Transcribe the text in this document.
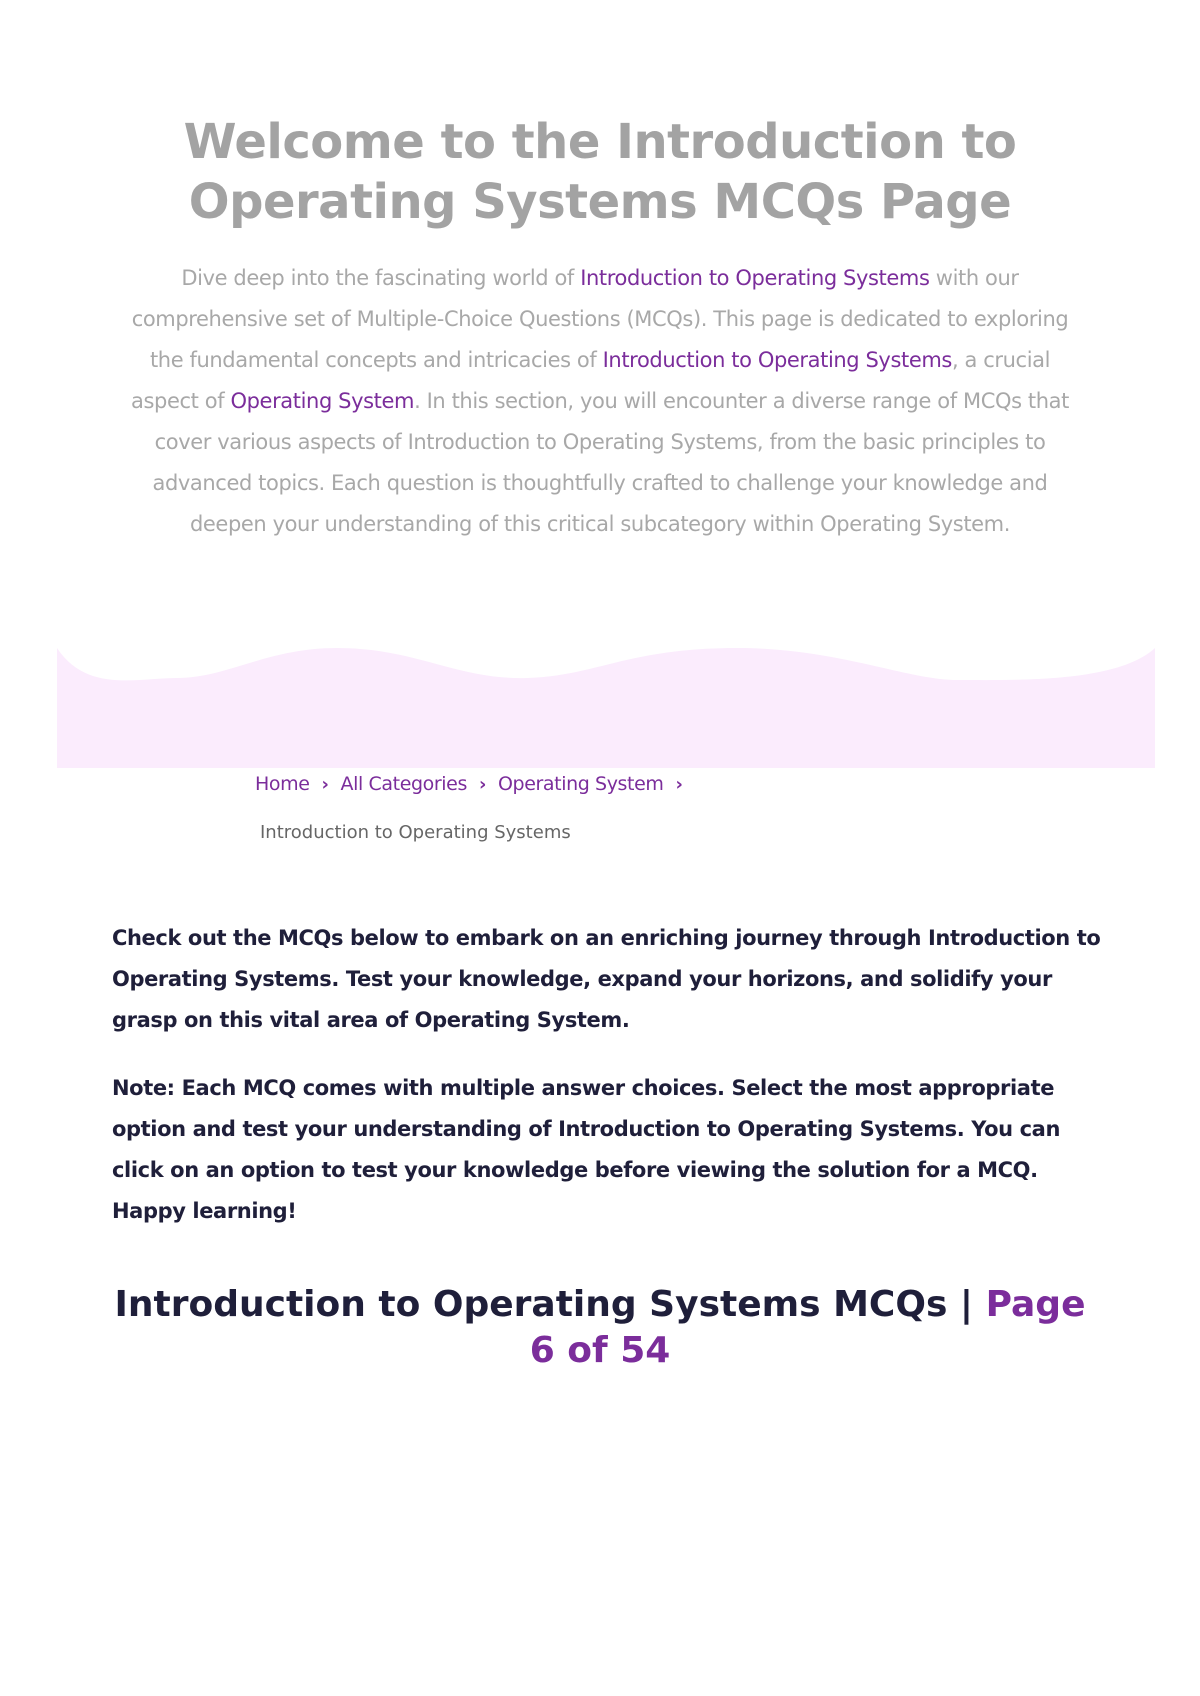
Welcome to the Introduction to Operating Systems MCQs Page

Dive deep into the fascinating world of Introduction to Operating Systems with our comprehensive set of Multiple-Choice Questions (MCQs). This page is dedicated to exploring the fundamental concepts and intricacies of Introduction to Operating Systems, a crucial aspect of Operating System. In this section, you will encounter a diverse range of MCQs that cover various aspects of Introduction to Operating Systems, from the basic principles to advanced topics. Each question is thoughtfully crafted to challenge your knowledge and deepen your understanding of this critical subcategory within Operating System.

Home › All Categories › Operating System ›
Introduction to Operating Systems

Check out the MCQs below to embark on an enriching journey through Introduction to Operating Systems. Test your knowledge, expand your horizons, and solidify your grasp on this vital area of Operating System.

Note: Each MCQ comes with multiple answer choices. Select the most appropriate option and test your understanding of Introduction to Operating Systems. You can click on an option to test your knowledge before viewing the solution for a MCQ. Happy learning!

Introduction to Operating Systems MCQs | Page 6 of 54
